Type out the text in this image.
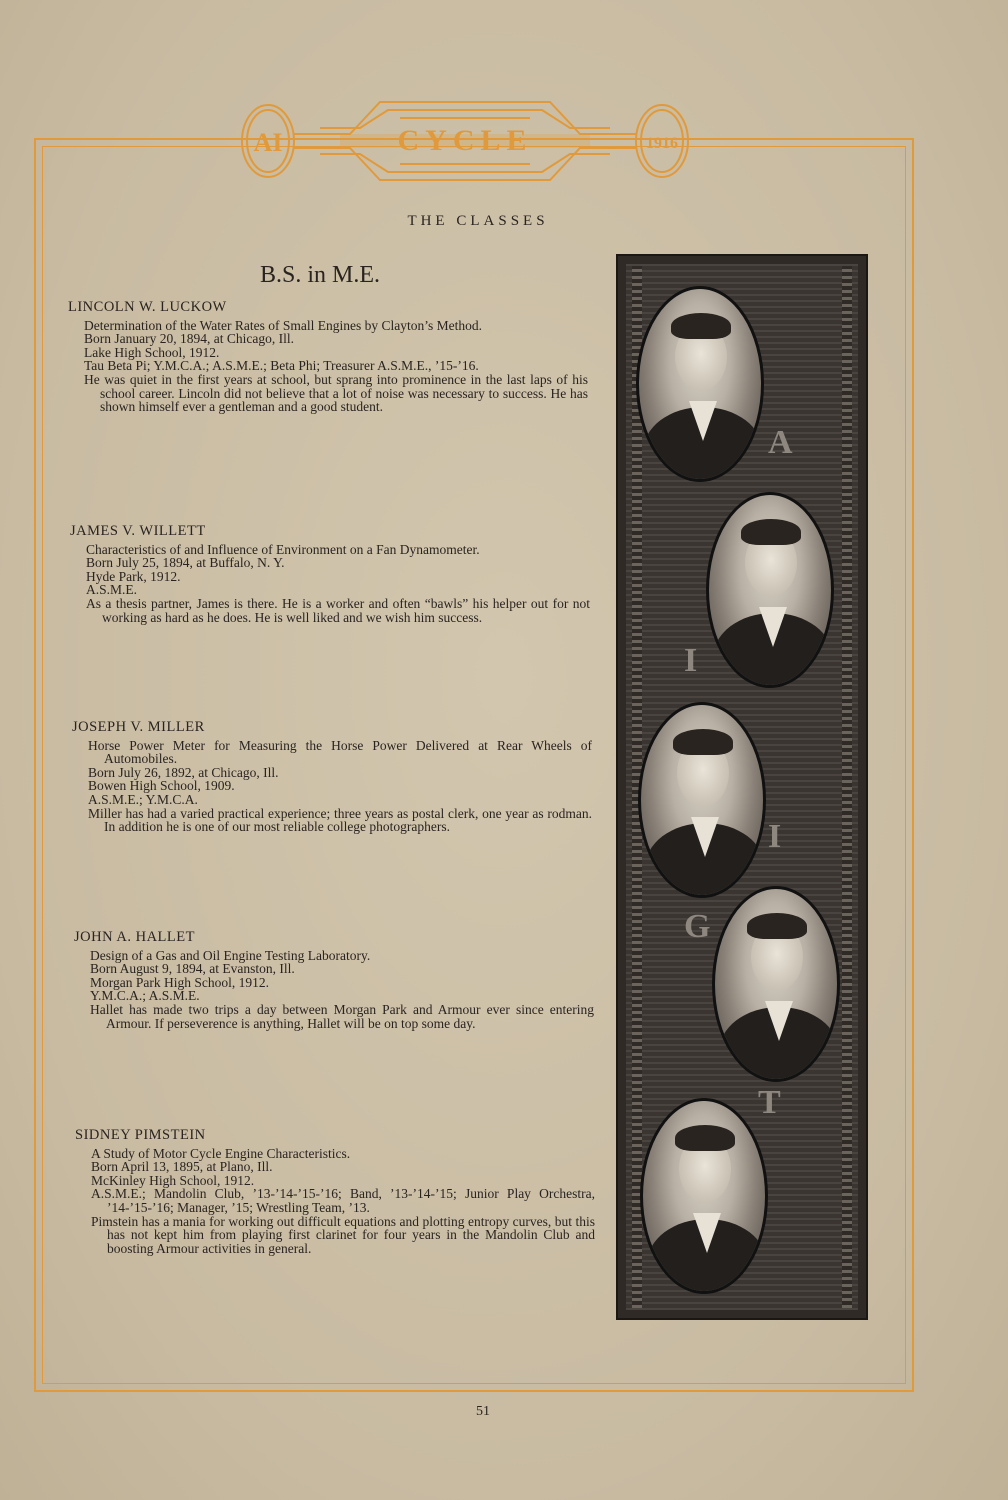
AI	CYCLE	1916
THE CLASSES
B.S. in M.E.
LINCOLN W. LUCKOW
Determination of the Water Rates of Small Engines by Clayton’s Method.
Born January 20, 1894, at Chicago, Ill.
Lake High School, 1912.
Tau Beta Pi; Y.M.C.A.; A.S.M.E.; Beta Phi; Treasurer A.S.M.E., ’15-’16.
He was quiet in the first years at school, but sprang into prominence in the last laps of his school career. Lincoln did not believe that a lot of noise was necessary to success. He has shown himself ever a gentleman and a good student.
JAMES V. WILLETT
Characteristics of and Influence of Environment on a Fan Dynamometer.
Born July 25, 1894, at Buffalo, N. Y.
Hyde Park, 1912.
A.S.M.E.
As a thesis partner, James is there. He is a worker and often “bawls” his helper out for not working as hard as he does. He is well liked and we wish him success.
JOSEPH V. MILLER
Horse Power Meter for Measuring the Horse Power Delivered at Rear Wheels of Automobiles.
Born July 26, 1892, at Chicago, Ill.
Bowen High School, 1909.
A.S.M.E.; Y.M.C.A.
Miller has had a varied practical experience; three years as postal clerk, one year as rodman. In addition he is one of our most reliable college photographers.
JOHN A. HALLET
Design of a Gas and Oil Engine Testing Laboratory.
Born August 9, 1894, at Evanston, Ill.
Morgan Park High School, 1912.
Y.M.C.A.; A.S.M.E.
Hallet has made two trips a day between Morgan Park and Armour ever since entering Armour. If perseverence is anything, Hallet will be on top some day.
SIDNEY PIMSTEIN
A Study of Motor Cycle Engine Characteristics.
Born April 13, 1895, at Plano, Ill.
McKinley High School, 1912.
A.S.M.E.; Mandolin Club, ’13-’14-’15-’16; Band, ’13-’14-’15; Junior Play Orchestra, ’14-’15-’16; Manager, ’15; Wrestling Team, ’13.
Pimstein has a mania for working out difficult equations and plotting entropy curves, but this has not kept him from playing first clarinet for four years in the Mandolin Club and boosting Armour activities in general.
A
I
I
G
T
51
